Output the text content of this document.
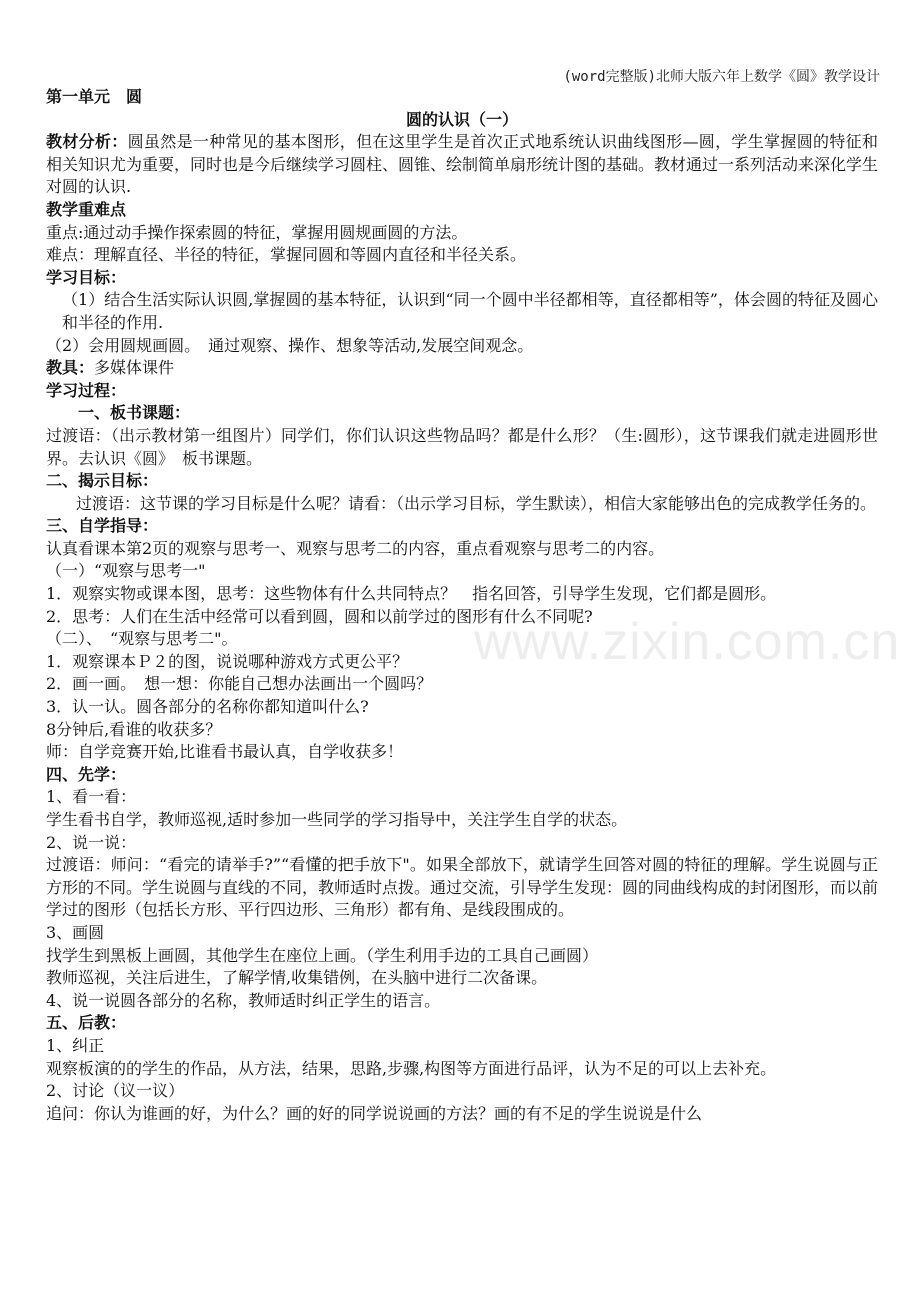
(word完整版)北师大版六年上数学《圆》教学设计
www.zixin.com.cn
第一单元　圆
圆的认识（一）
教材分析：圆虽然是一种常见的基本图形，但在这里学生是首次正式地系统认识曲线图形—圆，学生掌握圆的特征和相关知识尤为重要，同时也是今后继续学习圆柱、圆锥、绘制简单扇形统计图的基础。教材通过一系列活动来深化学生对圆的认识.
教学重难点
重点:通过动手操作探索圆的特征，掌握用圆规画圆的方法。
难点：理解直径、半径的特征，掌握同圆和等圆内直径和半径关系。
学习目标：
（1）结合生活实际认识圆,掌握圆的基本特征，认识到“同一个圆中半径都相等，直径都相等”，体会圆的特征及圆心和半径的作用.
（2）会用圆规画圆。　通过观察、操作、想象等活动,发展空间观念。
教具：多媒体课件
学习过程：
一、板书课题：
过渡语：（出示教材第一组图片）同学们，你们认识这些物品吗？都是什么形？（生:圆形），这节课我们就走进圆形世界。去认识《圆》　板书课题。
二、揭示目标：
过渡语：这节课的学习目标是什么呢？请看：（出示学习目标，学生默读），相信大家能够出色的完成教学任务的。
三、自学指导：
认真看课本第2页的观察与思考一、观察与思考二的内容，重点看观察与思考二的内容。
（一）“观察与思考一"
1．观察实物或课本图，思考：这些物体有什么共同特点？　指名回答，引导学生发现，它们都是圆形。
2．思考：人们在生活中经常可以看到圆，圆和以前学过的图形有什么不同呢?
（二）、　“观察与思考二"。
1．观察课本Ｐ２的图，说说哪种游戏方式更公平？
2．画一画。　想一想：你能自己想办法画出一个圆吗？
3．认一认。圆各部分的名称你都知道叫什么?
8分钟后,看谁的收获多？
师：自学竞赛开始,比谁看书最认真，自学收获多！
四、先学：
1、看一看：
学生看书自学，教师巡视,适时参加一些同学的学习指导中，关注学生自学的状态。
2、说一说：
过渡语：师问：“看完的请举手?”“看懂的把手放下"。如果全部放下，就请学生回答对圆的特征的理解。学生说圆与正方形的不同。学生说圆与直线的不同，教师适时点拨。通过交流，引导学生发现：圆的同曲线构成的封闭图形，而以前学过的图形（包括长方形、平行四边形、三角形）都有角、是线段围成的。
3、画圆
找学生到黑板上画圆，其他学生在座位上画。（学生利用手边的工具自己画圆）
教师巡视，关注后进生，了解学情,收集错例，在头脑中进行二次备课。
4、说一说圆各部分的名称，教师适时纠正学生的语言。
五、后教：
1、纠正
观察板演的的学生的作品，从方法，结果，思路,步骤,构图等方面进行品评，认为不足的可以上去补充。
2、讨论（议一议）
追问：你认为谁画的好，为什么？画的好的同学说说画的方法？画的有不足的学生说说是什么
